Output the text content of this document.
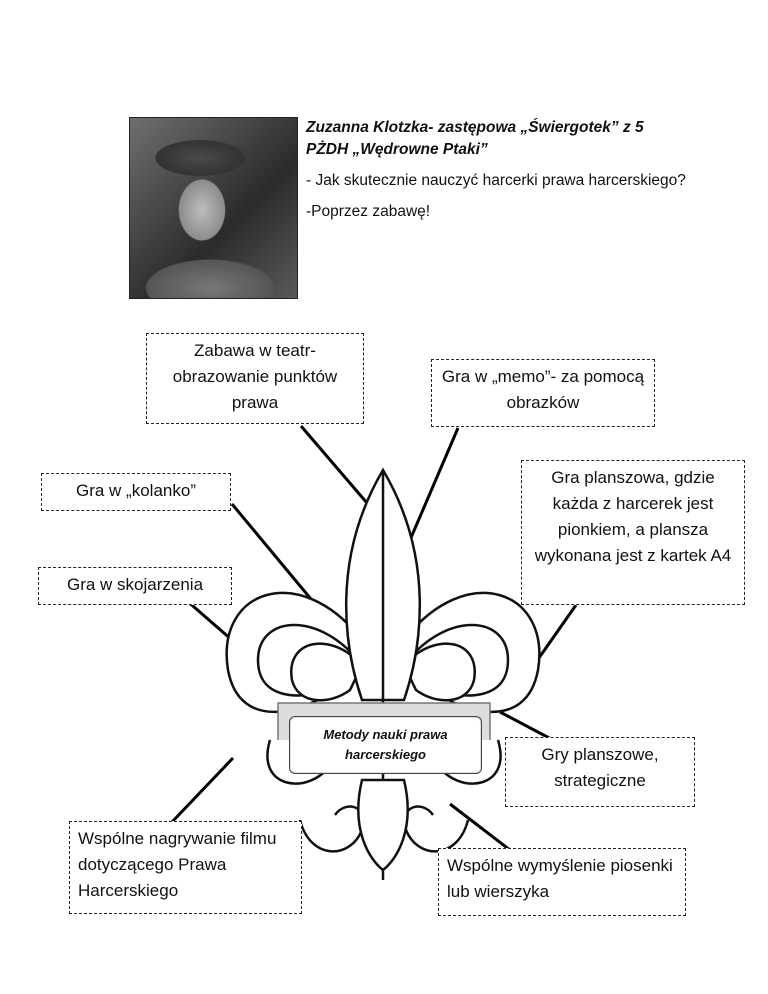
Zuzanna Klotzka- zastępowa „Świergotek” z 5 PŻDH „Wędrowne Ptaki”

- Jak skutecznie nauczyć harcerki prawa harcerskiego?

-Poprzez zabawę!

Metody nauki prawa harcerskiego
Zabawa w teatr- obrazowanie punktów prawa
Gra w „memo”- za pomocą obrazków
Gra w „kolanko”
Gra w skojarzenia
Gra planszowa, gdzie każda z harcerek jest pionkiem, a plansza wykonana jest z kartek A4
Gry planszowe, strategiczne
Wspólne nagrywanie filmu dotyczącego Prawa Harcerskiego
Wspólne wymyślenie piosenki lub wierszyka
